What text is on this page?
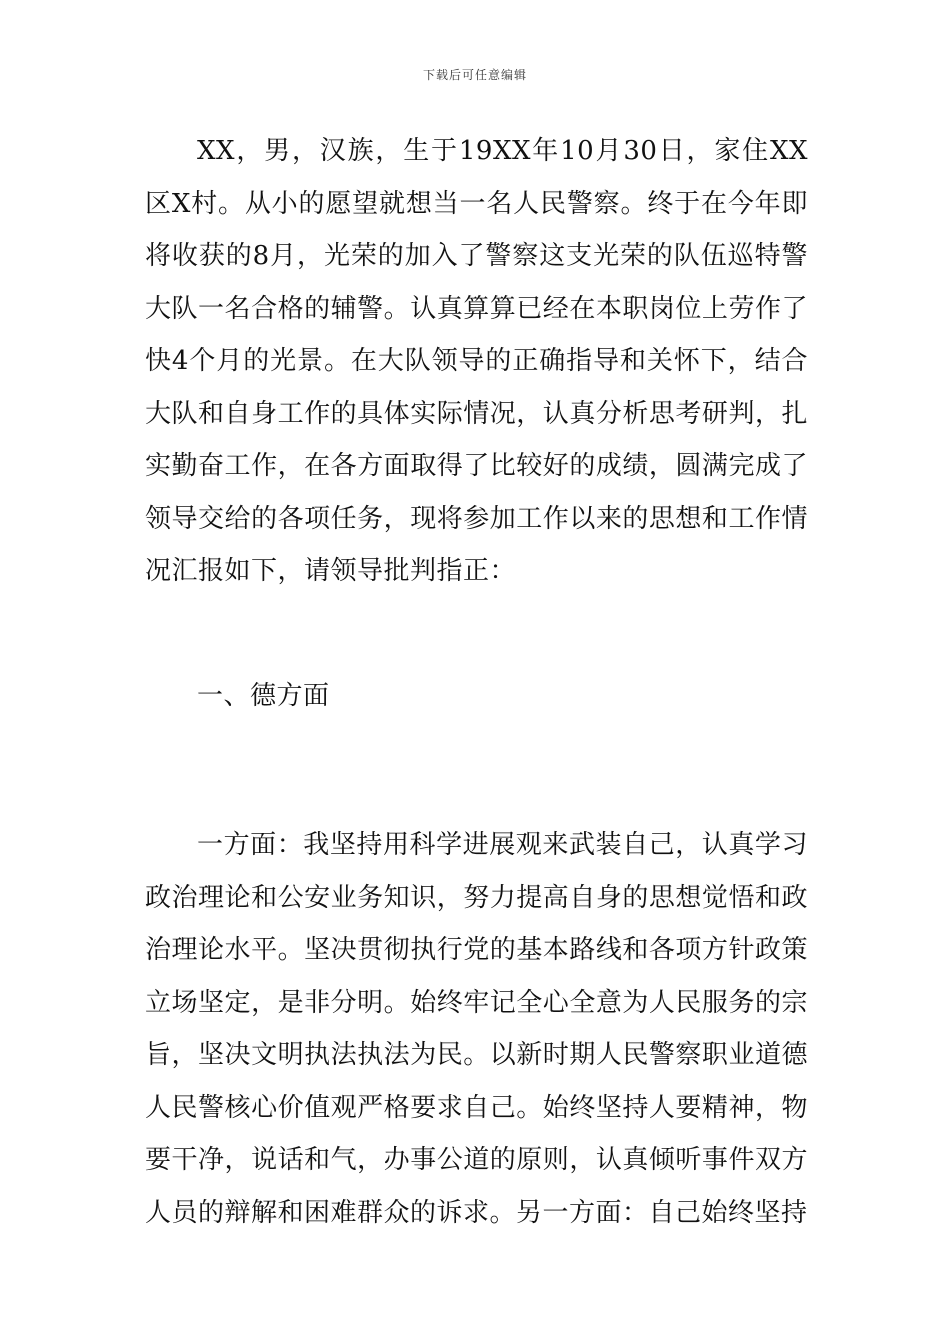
下载后可任意编辑

XX，男，汉族，生于19XX年10月30日，家住XX区X村。从小的愿望就想当一名人民警察。终于在今年即将收获的8月，光荣的加入了警察这支光荣的队伍巡特警大队一名合格的辅警。认真算算已经在本职岗位上劳作了快4个月的光景。在大队领导的正确指导和关怀下，结合大队和自身工作的具体实际情况，认真分析思考研判，扎实勤奋工作，在各方面取得了比较好的成绩，圆满完成了领导交给的各项任务，现将参加工作以来的思想和工作情况汇报如下，请领导批判指正：

一、德方面

一方面：我坚持用科学进展观来武装自己，认真学习政治理论和公安业务知识，努力提高自身的思想觉悟和政治理论水平。坚决贯彻执行党的基本路线和各项方针政策立场坚定，是非分明。始终牢记全心全意为人民服务的宗旨，坚决文明执法执法为民。以新时期人民警察职业道德人民警核心价值观严格要求自己。始终坚持人要精神，物要干净，说话和气，办事公道的原则，认真倾听事件双方人员的辩解和困难群众的诉求。另一方面：自己始终坚持
